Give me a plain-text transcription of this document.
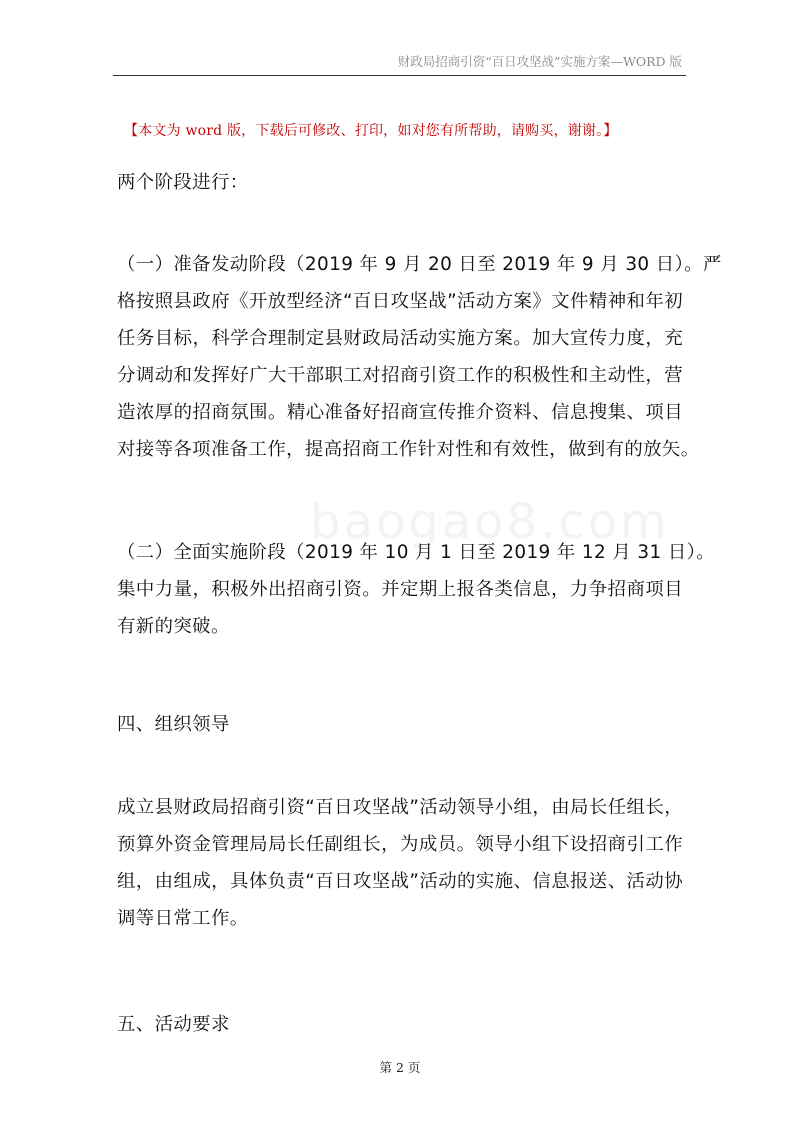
财政局招商引资“百日攻坚战”实施方案—WORD 版
【本文为 word 版，下载后可修改、打印，如对您有所帮助，请购买，谢谢。】
baogao8.com

两个阶段进行：

（一）准备发动阶段（2019 年 9 月 20 日至 2019 年 9 月 30 日）。严
格按照县政府《开放型经济“百日攻坚战”活动方案》文件精神和年初
任务目标，科学合理制定县财政局活动实施方案。加大宣传力度，充
分调动和发挥好广大干部职工对招商引资工作的积极性和主动性，营
造浓厚的招商氛围。精心准备好招商宣传推介资料、信息搜集、项目
对接等各项准备工作，提高招商工作针对性和有效性，做到有的放矢。

（二）全面实施阶段（2019 年 10 月 1 日至 2019 年 12 月 31 日）。
集中力量，积极外出招商引资。并定期上报各类信息，力争招商项目
有新的突破。

四、组织领导

成立县财政局招商引资“百日攻坚战”活动领导小组，由局长任组长，
预算外资金管理局局长任副组长，为成员。领导小组下设招商引工作
组，由组成，具体负责“百日攻坚战”活动的实施、信息报送、活动协
调等日常工作。

五、活动要求

第 2 页
